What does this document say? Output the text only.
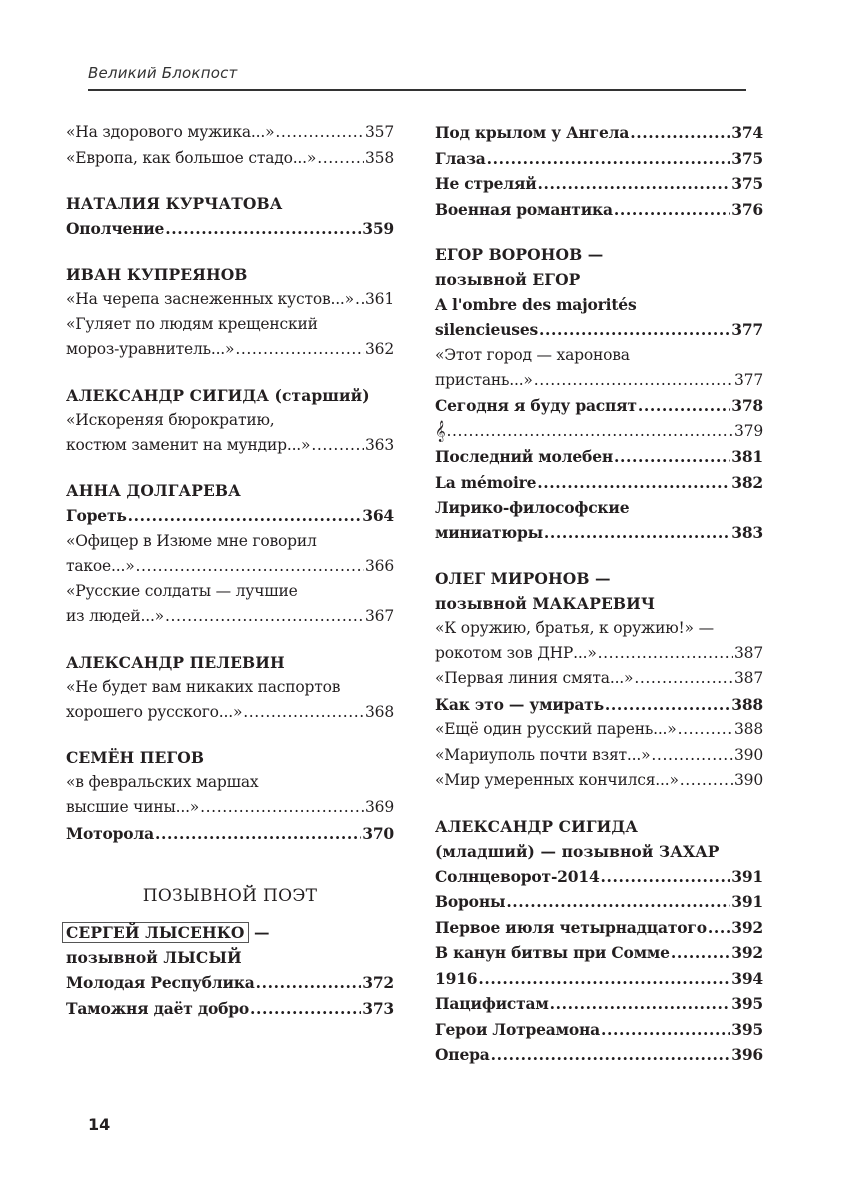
Великий Блокпост
«На здорового мужика...» .....	357
«Европа, как большое стадо...» .....	358
НАТАЛИЯ КУРЧАТОВА
Ополчение .....	359
ИВАН КУПРЕЯНОВ
«На черепа заснеженных кустов...» ..... 361
«Гуляет по людям крещенский
мороз-уравнитель...» .....	362
АЛЕКСАНДР СИГИДА (старший)
«Искореняя бюрократию,
костюм заменит на мундир...» .....	363
АННА ДОЛГАРЕВА
Гореть .....	364
«Офицер в Изюме мне говорил
такое...» .....	366
«Русские солдаты — лучшие
из людей...» .....	367
АЛЕКСАНДР ПЕЛЕВИН
«Не будет вам никаких паспортов
хорошего русского...» .....	368
СЕМЁН ПЕГОВ
«в февральских маршах
высшие чины...» .....	369
Моторола .....	370
ПОЗЫВНОЙ ПОЭТ
СЕРГЕЙ ЛЫСЕНКО —
позывной ЛЫСЫЙ
Молодая Республика .....	372
Таможня даёт добро .....	373
Под крылом у Ангела .....	374
Глаза .....	375
Не стреляй .....	375
Военная романтика .....	376
ЕГОР ВОРОНОВ —
позывной ЕГОР
A l'ombre des majorités
silencieuses .....	377
«Этот город — харонова
пристань...» .....	377
Сегодня я буду распят .....	378
𝄞 .....	379
Последний молебен .....	381
La mémoire .....	382
Лирико-философские
миниатюры .....	383
ОЛЕГ МИРОНОВ —
позывной МАКАРЕВИЧ
«К оружию, братья, к оружию!» —
рокотом зов ДНР...» .....	387
«Первая линия смята...» .....	387
Как это — умирать .....	388
«Ещё один русский парень...» .....	388
«Мариуполь почти взят...» .....	390
«Мир умеренных кончился...» .....	390
АЛЕКСАНДР СИГИДА
(младший) — позывной ЗАХАР
Солнцеворот-2014 .....	391
Вороны .....	391
Первое июля четырнадцатого ..... 392
В канун битвы при Сомме .....	392
1916 .....	394
Пацифистам .....	395
Герои Лотреамона .....	395
Опера .....	396
14
